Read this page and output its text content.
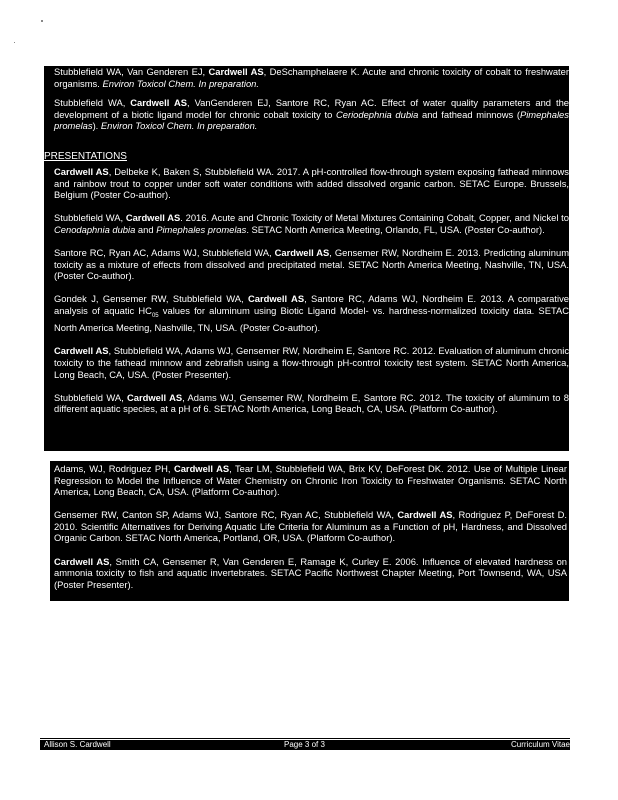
Stubblefield WA, Van Genderen EJ, Cardwell AS, DeSchamphelaere K. Acute and chronic toxicity of cobalt to freshwater organisms. Environ Toxicol Chem. In preparation.

Stubblefield WA, Cardwell AS, VanGenderen EJ, Santore RC, Ryan AC. Effect of water quality parameters and the development of a biotic ligand model for chronic cobalt toxicity to Ceriodephnia dubia and fathead minnows (Pimephales promelas). Environ Toxicol Chem. In preparation.

Cardwell AS, Delbeke K, Baken S, Stubblefield WA. 2017. A pH-controlled flow-through system exposing fathead minnows and rainbow trout to copper under soft water conditions with added dissolved organic carbon. SETAC Europe. Brussels, Belgium (Poster Co-author).

Stubblefield WA, Cardwell AS. 2016. Acute and Chronic Toxicity of Metal Mixtures Containing Cobalt, Copper, and Nickel to Cenodaphnia dubia and Pimephales promelas. SETAC North America Meeting, Orlando, FL, USA. (Poster Co-author).

Santore RC, Ryan AC, Adams WJ, Stubblefield WA, Cardwell AS, Gensemer RW, Nordheim E. 2013. Predicting aluminum toxicity as a mixture of effects from dissolved and precipitated metal. SETAC North America Meeting, Nashville, TN, USA. (Poster Co-author).

Gondek J, Gensemer RW, Stubblefield WA, Cardwell AS, Santore RC, Adams WJ, Nordheim E. 2013. A comparative analysis of aquatic $HC_{05}$ values for aluminum using Biotic Ligand Model- vs. hardness-normalized toxicity data. SETAC North America Meeting, Nashville, TN, USA. (Poster Co-author).

Cardwell AS, Stubblefield WA, Adams WJ, Gensemer RW, Nordheim E, Santore RC. 2012. Evaluation of aluminum chronic toxicity to the fathead minnow and zebrafish using a flow-through pH-control toxicity test system. SETAC North America, Long Beach, CA, USA. (Poster Presenter).

Stubblefield WA, Cardwell AS, Adams WJ, Gensemer RW, Nordheim E, Santore RC. 2012. The toxicity of aluminum to 8 different aquatic species, at a pH of 6. SETAC North America, Long Beach, CA, USA. (Platform Co-author).

PRESENTATIONS

Adams, WJ, Rodriguez PH, Cardwell AS, Tear LM, Stubblefield WA, Brix KV, DeForest DK. 2012. Use of Multiple Linear Regression to Model the Influence of Water Chemistry on Chronic Iron Toxicity to Freshwater Organisms. SETAC North America, Long Beach, CA, USA. (Platform Co-author).

Gensemer RW, Canton SP, Adams WJ, Santore RC, Ryan AC, Stubblefield WA, Cardwell AS, Rodriguez P, DeForest D. 2010. Scientific Alternatives for Deriving Aquatic Life Criteria for Aluminum as a Function of pH, Hardness, and Dissolved Organic Carbon. SETAC North America, Portland, OR, USA. (Platform Co-author).

Cardwell AS, Smith CA, Gensemer R, Van Genderen E, Ramage K, Curley E. 2006. Influence of elevated hardness on ammonia toxicity to fish and aquatic invertebrates. SETAC Pacific Northwest Chapter Meeting, Port Townsend, WA, USA (Poster Presenter).

Allison S. Cardwell	Page 3 of 3	Curriculum Vitae
